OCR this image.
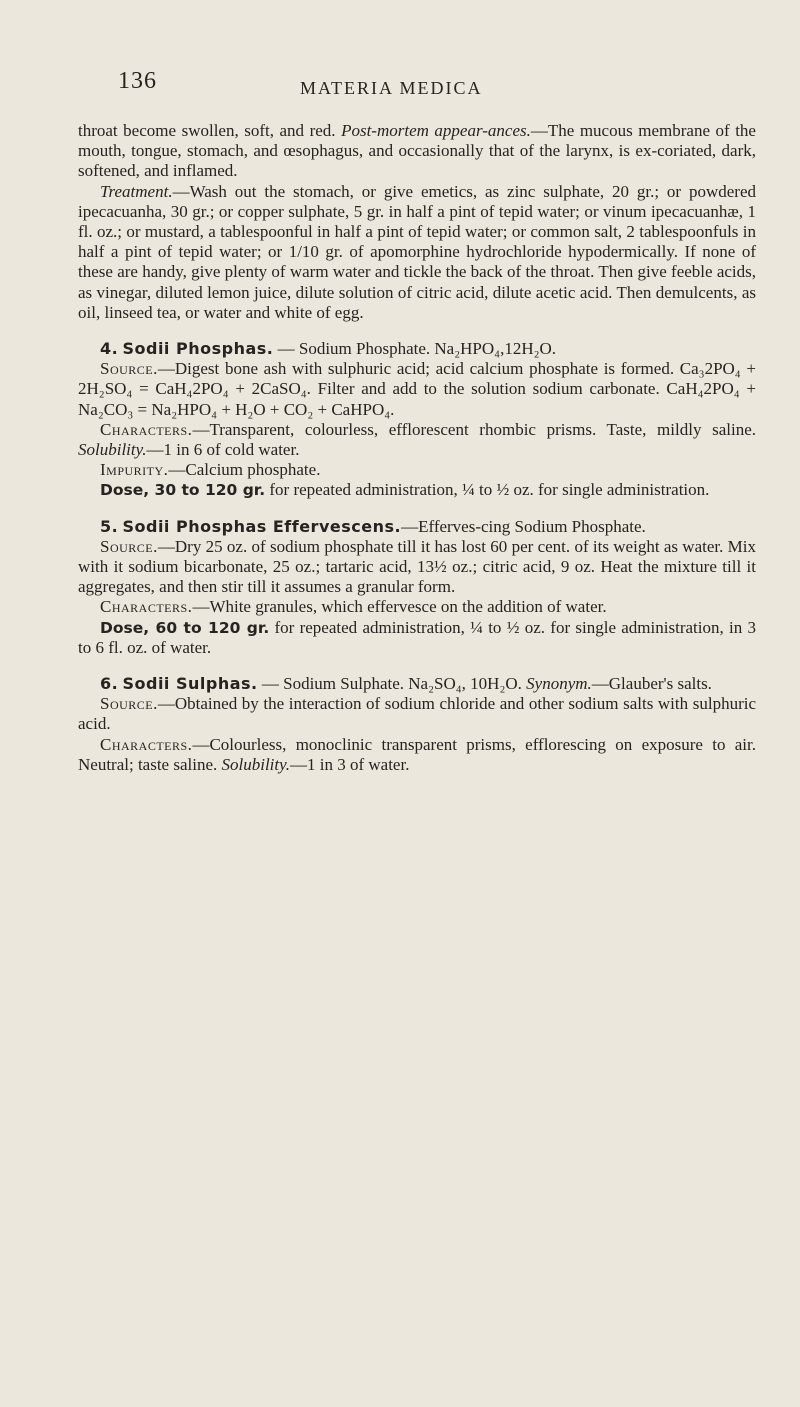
136	MATERIA MEDICA

throat become swollen, soft, and red. Post-mortem appear-ances.—The mucous membrane of the mouth, tongue, stomach, and œsophagus, and occasionally that of the larynx, is ex-coriated, dark, softened, and inflamed.

Treatment.—Wash out the stomach, or give emetics, as zinc sulphate, 20 gr.; or powdered ipecacuanha, 30 gr.; or copper sulphate, 5 gr. in half a pint of tepid water; or vinum ipecacuanhæ, 1 fl. oz.; or mustard, a tablespoonful in half a pint of tepid water; or common salt, 2 tablespoonfuls in half a pint of tepid water; or 1/10 gr. of apomorphine hydrochloride hypodermically. If none of these are handy, give plenty of warm water and tickle the back of the throat. Then give feeble acids, as vinegar, diluted lemon juice, dilute solution of citric acid, dilute acetic acid. Then demulcents, as oil, linseed tea, or water and white of egg.

4. Sodii Phosphas. — Sodium Phosphate. Na₂HPO₄,12H₂O.

Source.—Digest bone ash with sulphuric acid; acid calcium phosphate is formed. Ca₃2PO₄ + 2H₂SO₄ = CaH₄2PO₄ + 2CaSO₄. Filter and add to the solution sodium carbonate. CaH₄2PO₄ + Na₂CO₃ = Na₂HPO₄ + H₂O + CO₂ + CaHPO₄.

Characters.—Transparent, colourless, efflorescent rhombic prisms. Taste, mildly saline. Solubility.—1 in 6 of cold water.

Impurity.—Calcium phosphate.

Dose, 30 to 120 gr. for repeated administration, ¼ to ½ oz. for single administration.

5. Sodii Phosphas Effervescens.—Efferves-cing Sodium Phosphate.

Source.—Dry 25 oz. of sodium phosphate till it has lost 60 per cent. of its weight as water. Mix with it sodium bicarbonate, 25 oz.; tartaric acid, 13½ oz.; citric acid, 9 oz. Heat the mixture till it aggregates, and then stir till it assumes a granular form.

Characters.—White granules, which effervesce on the addition of water.

Dose, 60 to 120 gr. for repeated administration, ¼ to ½ oz. for single administration, in 3 to 6 fl. oz. of water.

6. Sodii Sulphas. — Sodium Sulphate. Na₂SO₄, 10H₂O. Synonym.—Glauber's salts.

Source.—Obtained by the interaction of sodium chloride and other sodium salts with sulphuric acid.

Characters.—Colourless, monoclinic transparent prisms, efflorescing on exposure to air. Neutral; taste saline. Solubility.—1 in 3 of water.
